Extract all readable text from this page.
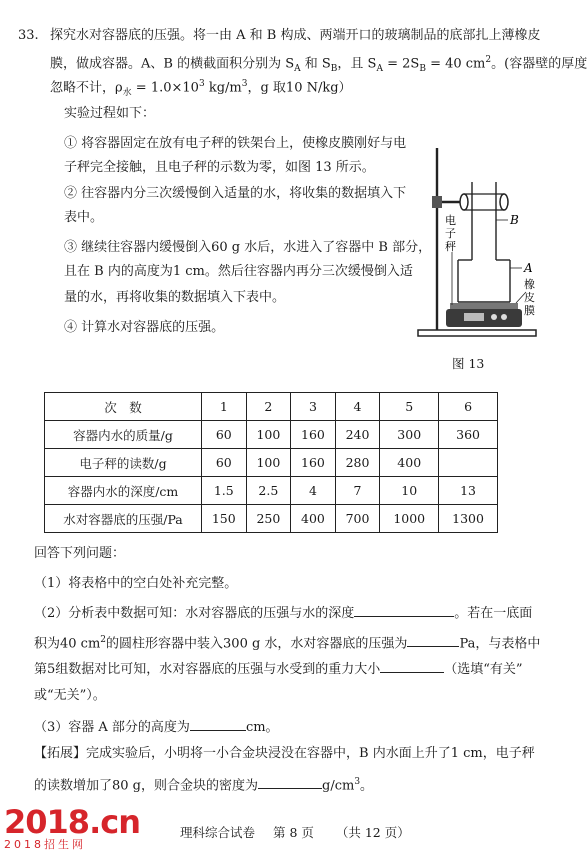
33. 探究水对容器底的压强。将一由 A 和 B 构成、两端开口的玻璃制品的底部扎上薄橡皮
膜，做成容器。A、B 的横截面积分别为 $S_A$ 和 $S_B$，且 $S_A = 2S_B = 40$ $cm^2$。(容器壁的厚度
忽略不计，$\rho_水 = 1.0\times 10^3$ $kg/m^3$，g 取10 N/kg）
实验过程如下：
① 将容器固定在放有电子秤的铁架台上，使橡皮膜刚好与电
子秤完全接触，且电子秤的示数为零，如图 13 所示。
② 往容器内分三次缓慢倒入适量的水，将收集的数据填入下
表中。
③ 继续往容器内缓慢倒入60 g 水后，水进入了容器中 B 部分，
且在 B 内的高度为1 cm。然后往容器内再分三次缓慢倒入适
量的水，再将收集的数据填入下表中。
④ 计算水对容器底的压强。
B
A
电
子
秤
橡
皮
膜
图 13
次　数	1	2	3	4	5	6
容器内水的质量/g	60	100	160	240	300	360
电子秤的读数/g	60	100	160	280	400	
容器内水的深度/cm	1.5	2.5	4	7	10	13
水对容器底的压强/Pa	150	250	400	700	1000	1300
回答下列问题：
（1）将表格中的空白处补充完整。
（2）分析表中数据可知：水对容器底的压强与水的深度	。若在一底面
积为40 $cm^2$的圆柱形容器中装入300 g 水，水对容器底的压强为	Pa，与表格中
第5组数据对比可知，水对容器底的压强与水受到的重力大小	（选填“有关”
或“无关”）。
（3）容器 A 部分的高度为	cm。
【拓展】完成实验后，小明将一小合金块浸没在容器中，B 内水面上升了1 cm，电子秤
的读数增加了80 g，则合金块的密度为	$g/cm^3$。
2018.cn
2018招生网
理科综合试卷 第 8 页 （共 12 页）
